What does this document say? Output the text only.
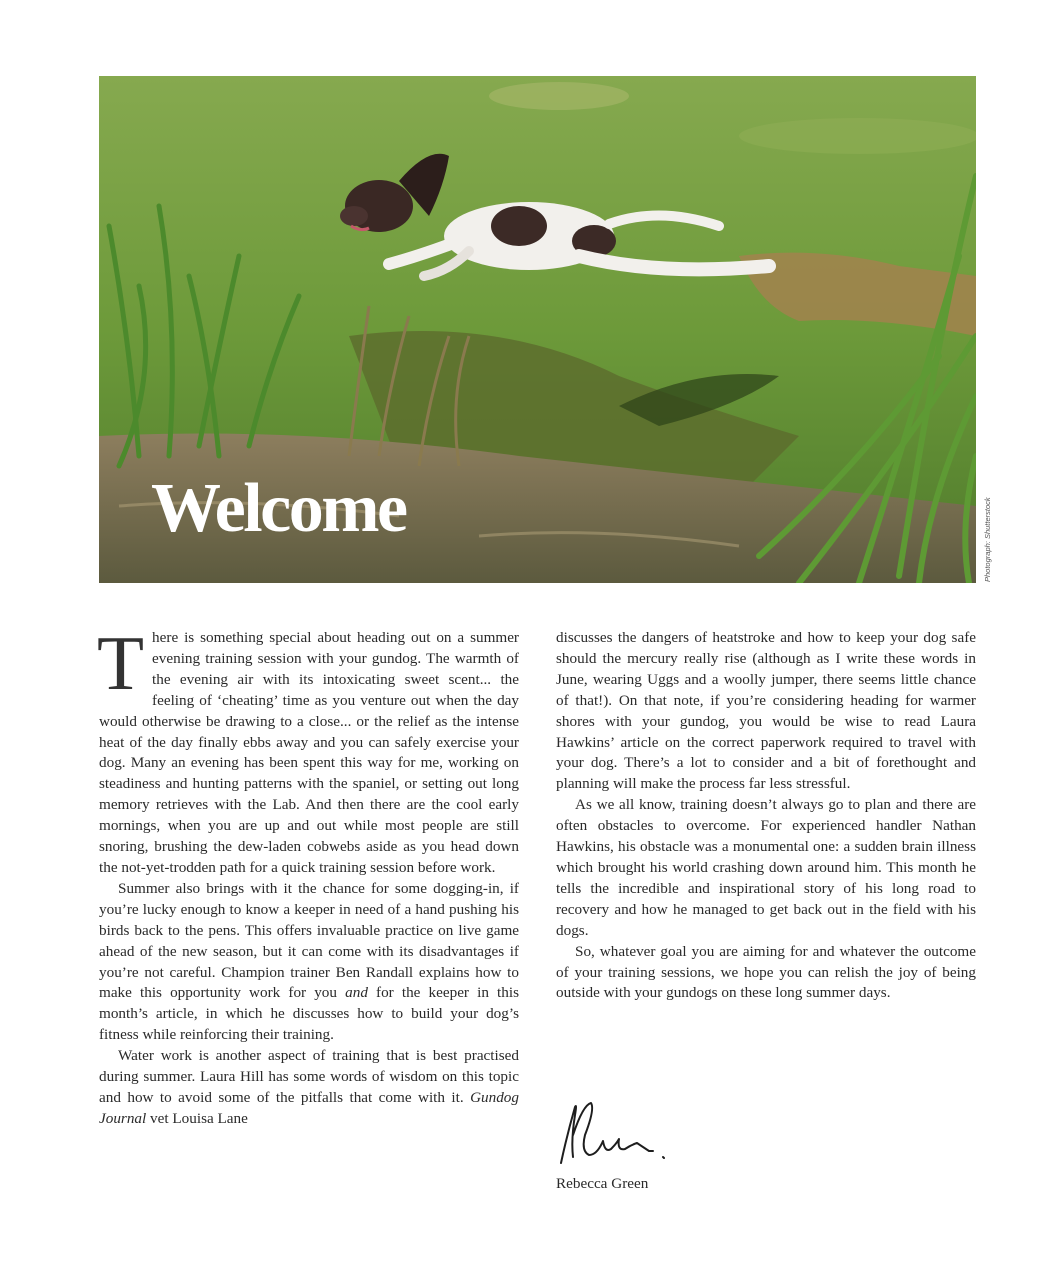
Welcome	Photograph: Shutterstock

There is something special about heading out on a summer evening training session with your gundog. The warmth of the evening air with its intoxicating sweet scent... the feeling of ‘cheating’ time as you venture out when the day would otherwise be drawing to a close... or the relief as the intense heat of the day finally ebbs away and you can safely exercise your dog. Many an evening has been spent this way for me, working on steadiness and hunting patterns with the spaniel, or setting out long memory retrieves with the Lab. And then there are the cool early mornings, when you are up and out while most people are still snoring, brushing the dew-laden cobwebs aside as you head down the not-yet-trodden path for a quick training session before work.

Summer also brings with it the chance for some dogging-in, if you’re lucky enough to know a keeper in need of a hand pushing his birds back to the pens. This offers invaluable practice on live game ahead of the new season, but it can come with its disadvantages if you’re not careful. Champion trainer Ben Randall explains how to make this opportunity work for you and for the keeper in this month’s article, in which he discusses how to build your dog’s fitness while reinforcing their training.

Water work is another aspect of training that is best practised during summer. Laura Hill has some words of wisdom on this topic and how to avoid some of the pitfalls that come with it. Gundog Journal vet Louisa Lane

discusses the dangers of heatstroke and how to keep your dog safe should the mercury really rise (although as I write these words in June, wearing Uggs and a woolly jumper, there seems little chance of that!). On that note, if you’re considering heading for warmer shores with your gundog, you would be wise to read Laura Hawkins’ article on the correct paperwork required to travel with your dog. There’s a lot to consider and a bit of forethought and planning will make the process far less stressful.

As we all know, training doesn’t always go to plan and there are often obstacles to overcome. For experienced handler Nathan Hawkins, his obstacle was a monumental one: a sudden brain illness which brought his world crashing down around him. This month he tells the incredible and inspirational story of his long road to recovery and how he managed to get back out in the field with his dogs.

So, whatever goal you are aiming for and whatever the outcome of your training sessions, we hope you can relish the joy of being outside with your gundogs on these long summer days.

Rebecca Green
